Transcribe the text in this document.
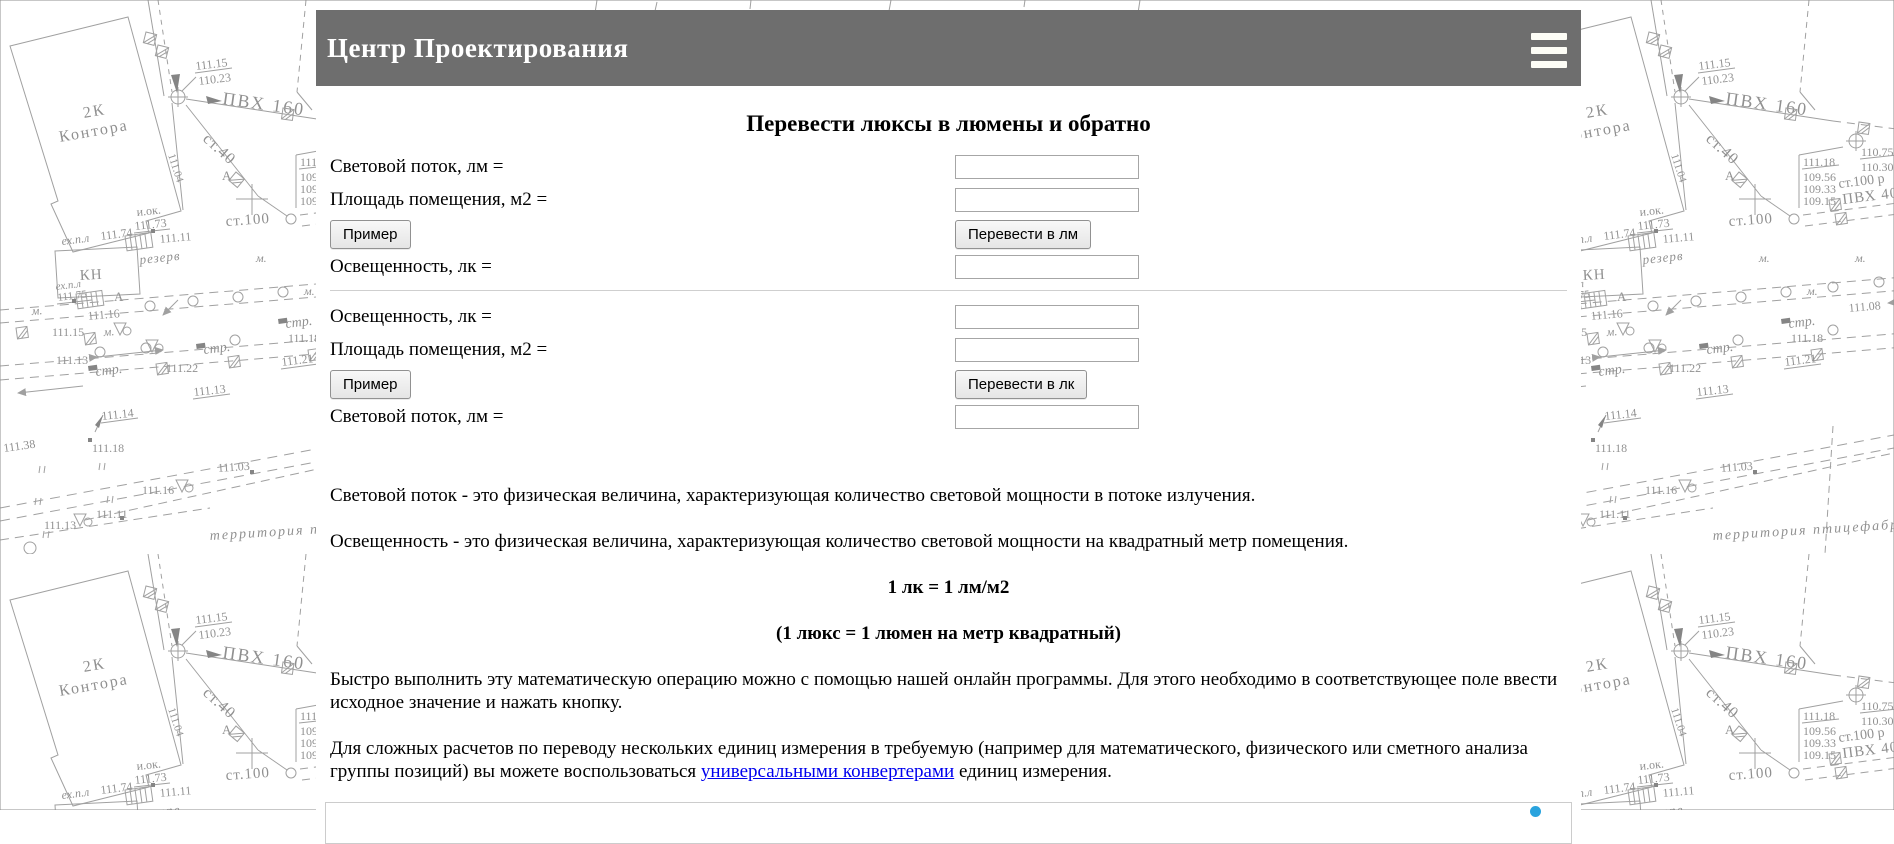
Центр Проектирования
Перевести люксы в люмены и обратно
Световой поток, лм =
Площадь помещения, м2 =
Пример	Перевести в лм
Освещенность, лк =
Освещенность, лк =
Площадь помещения, м2 =
Пример	Перевести в лк
Световой поток, лм =

Световой поток - это физическая величина, характеризующая количество световой мощности в потоке излучения.

Освещенность - это физическая величина, характеризующая количество световой мощности на квадратный метр помещения.

1 лк = 1 лм/м2

(1 люкс = 1 люмен на метр квадратный)

Быстро выполнить эту математическую операцию можно с помощью нашей онлайн программы. Для этого необходимо в соответствующее поле ввести исходное значение и нажать кнопку.

Для сложных расчетов по переводу нескольких единиц измерения в требуемую (например для математического, физического или сметного анализа группы позиций) вы можете воспользоваться универсальными конвертерами единиц измерения.
